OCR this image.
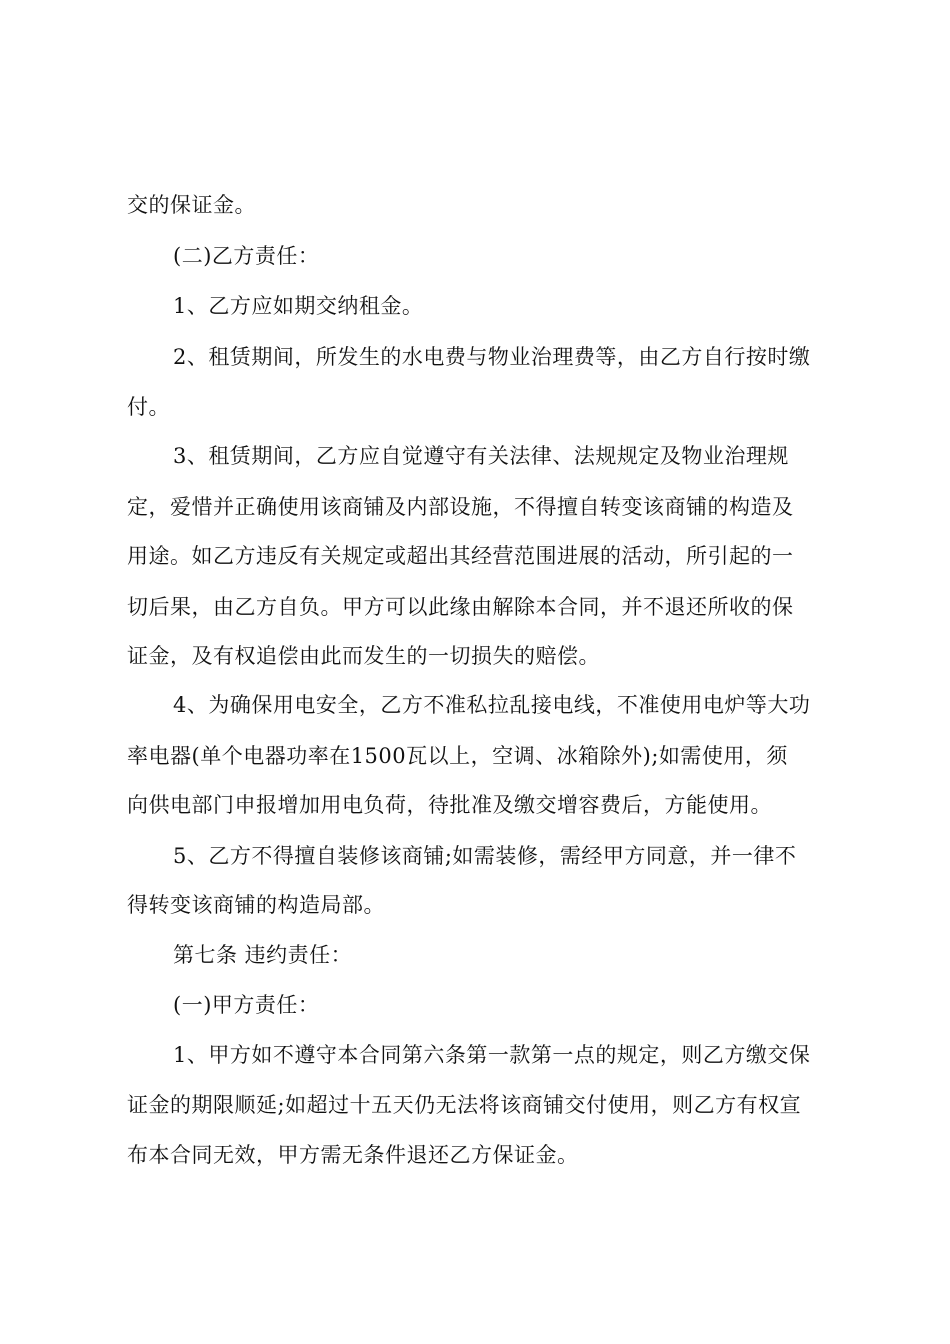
交的保证金。
(二)乙方责任：
1、乙方应如期交纳租金。
2、租赁期间，所发生的水电费与物业治理费等，由乙方自行按时缴
付。
3、租赁期间，乙方应自觉遵守有关法律、法规规定及物业治理规
定，爱惜并正确使用该商铺及内部设施，不得擅自转变该商铺的构造及
用途。如乙方违反有关规定或超出其经营范围进展的活动，所引起的一
切后果，由乙方自负。甲方可以此缘由解除本合同，并不退还所收的保
证金，及有权追偿由此而发生的一切损失的赔偿。
4、为确保用电安全，乙方不准私拉乱接电线，不准使用电炉等大功
率电器(单个电器功率在1500瓦以上，空调、冰箱除外);如需使用，须
向供电部门申报增加用电负荷，待批准及缴交增容费后，方能使用。
5、乙方不得擅自装修该商铺;如需装修，需经甲方同意，并一律不
得转变该商铺的构造局部。
第七条 违约责任：
(一)甲方责任：
1、甲方如不遵守本合同第六条第一款第一点的规定，则乙方缴交保
证金的期限顺延;如超过十五天仍无法将该商铺交付使用，则乙方有权宣
布本合同无效，甲方需无条件退还乙方保证金。
